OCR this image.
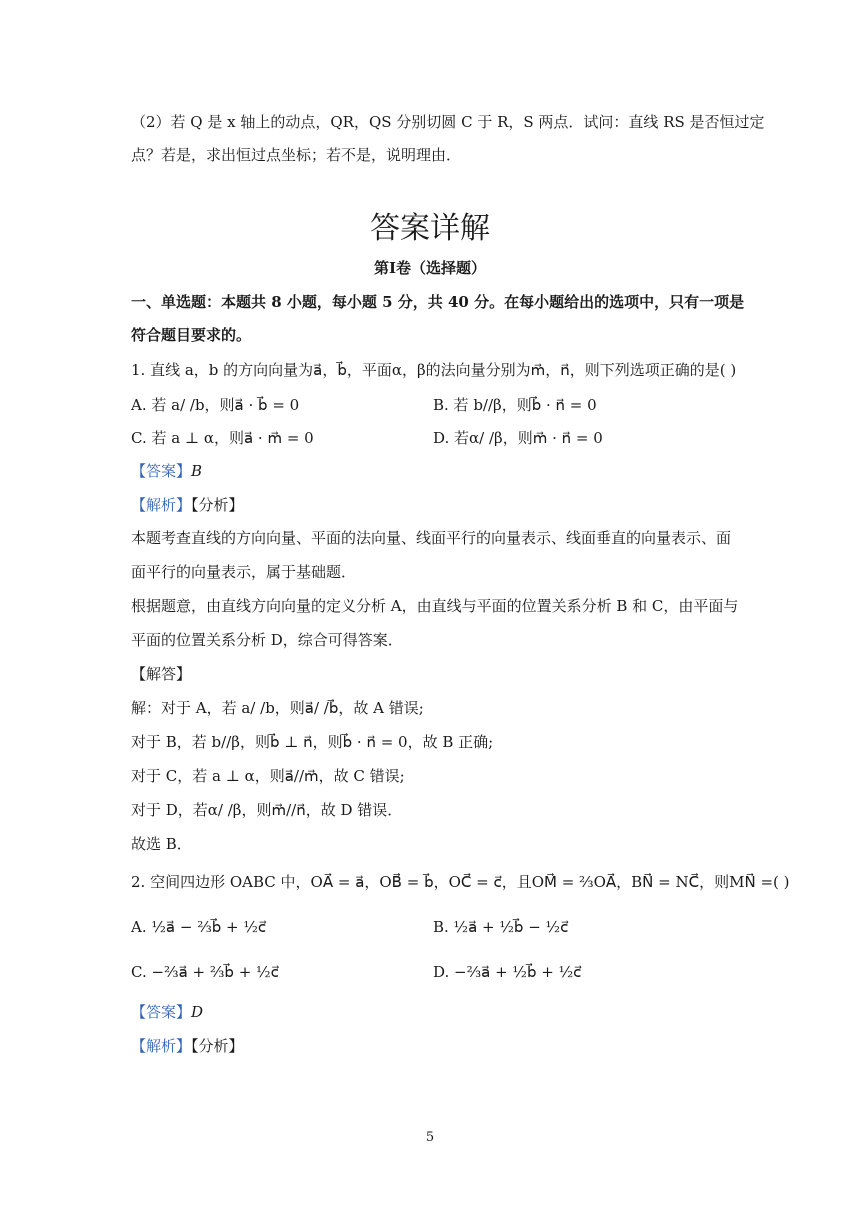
（2）若 Q 是 x 轴上的动点，QR，QS 分别切圆 C 于 R，S 两点．试问：直线 RS 是否恒过定
点？若是，求出恒过点坐标；若不是，说明理由．
答案详解
第Ⅰ卷（选择题）
一、单选题：本题共 8 小题，每小题 5 分，共 40 分。在每小题给出的选项中，只有一项是
符合题目要求的。
1. 直线 a，b 的方向向量为a⃗，b⃗，平面α，β的法向量分别为m⃗，n⃗，则下列选项正确的是( )
A. 若 a/ /b，则a⃗ · b⃗ = 0	B. 若 b//β，则b⃗ · n⃗ = 0
C. 若 a ⊥ α，则a⃗ · m⃗ = 0	D. 若α/ /β，则m⃗ · n⃗ = 0
【答案】B
【解析】【分析】
本题考查直线的方向向量、平面的法向量、线面平行的向量表示、线面垂直的向量表示、面
面平行的向量表示，属于基础题．
根据题意，由直线方向向量的定义分析 A，由直线与平面的位置关系分析 B 和 C，由平面与
平面的位置关系分析 D，综合可得答案．
【解答】
解：对于 A，若 a/ /b，则a⃗/ /b⃗，故 A 错误;
对于 B，若 b//β，则b⃗ ⊥ n⃗，则b⃗ · n⃗ = 0，故 B 正确;
对于 C，若 a ⊥ α，则a⃗//m⃗，故 C 错误;
对于 D，若α/ /β，则m⃗//n⃗，故 D 错误．
故选 B．
2. 空间四边形 OABC 中，OA⃗ = a⃗，OB⃗ = b⃗，OC⃗ = c⃗，且OM⃗ = ⅔OA⃗，BN⃗ = NC⃗，则MN⃗ =( )
A. ½a⃗ − ⅔b⃗ + ½c⃗	B. ½a⃗ + ½b⃗ − ½c⃗
C. −⅔a⃗ + ⅔b⃗ + ½c⃗	D. −⅔a⃗ + ½b⃗ + ½c⃗
【答案】D
【解析】【分析】
5
